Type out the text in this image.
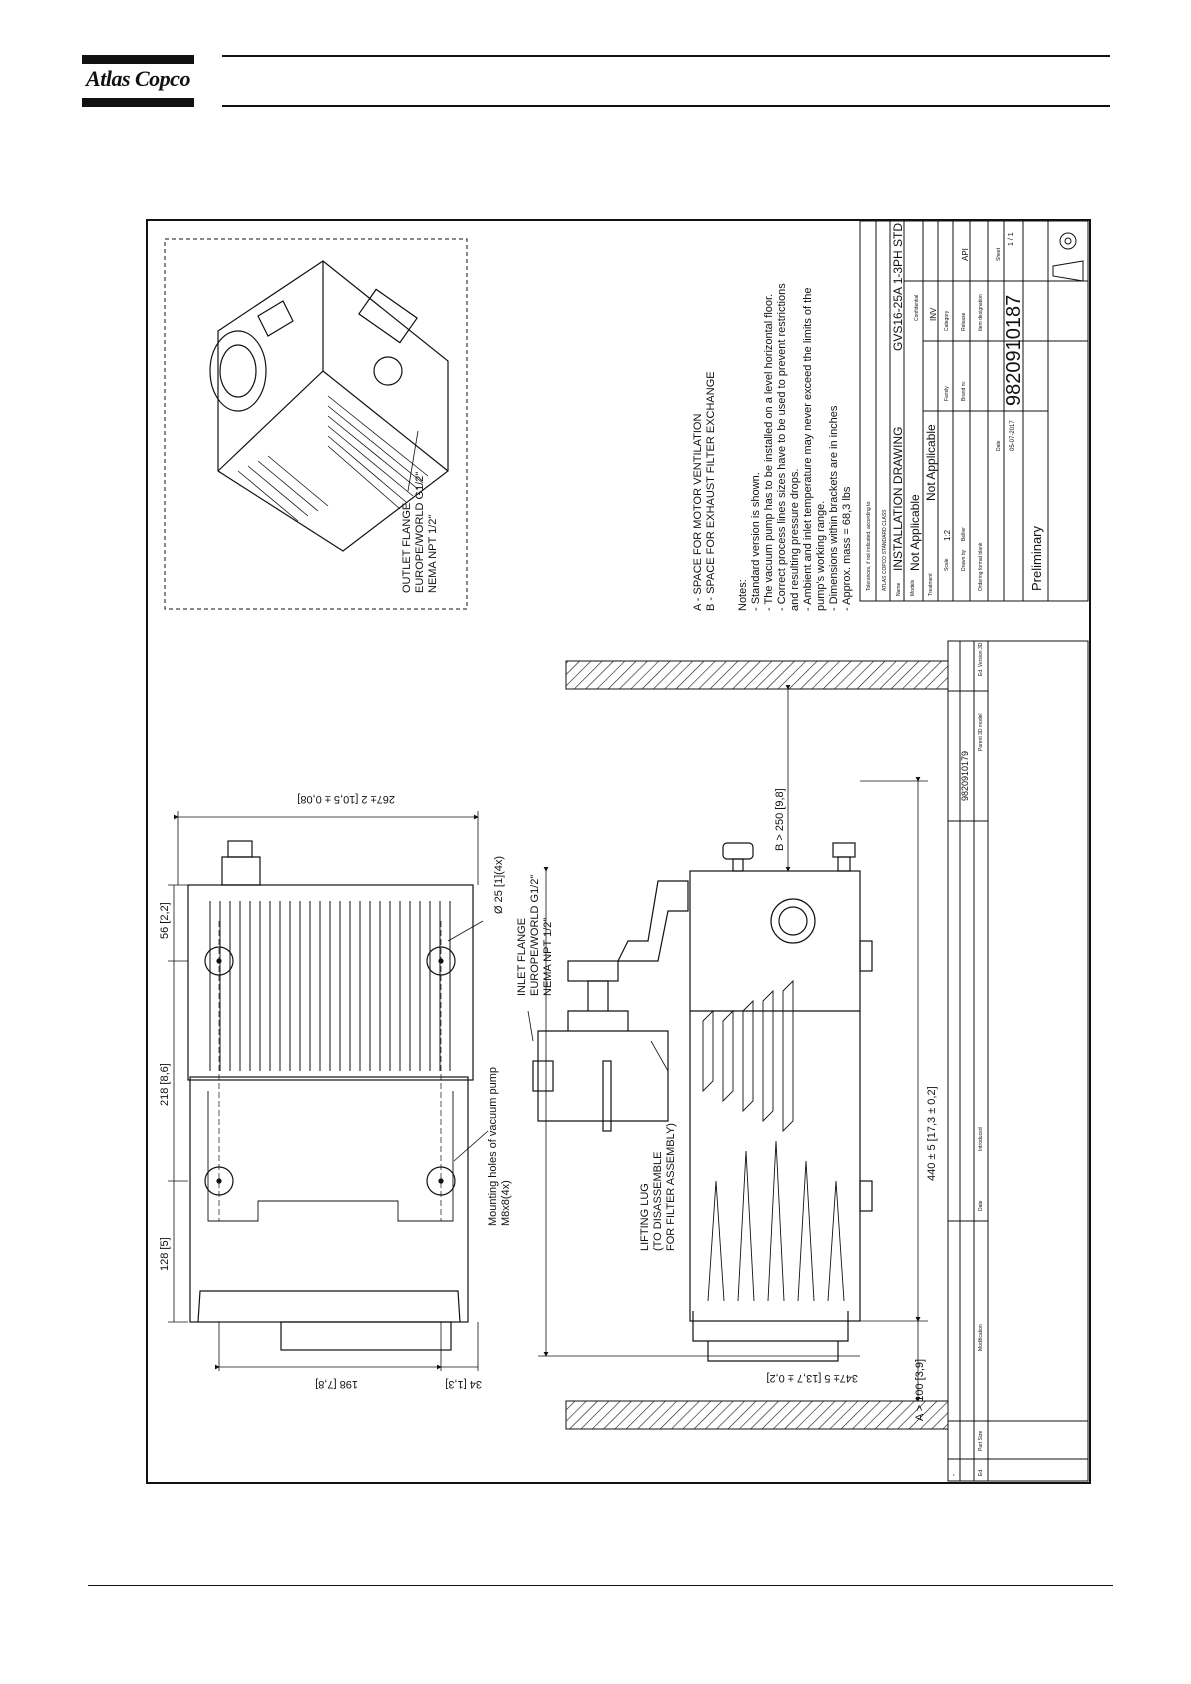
Atlas Copco
OUTLET FLANGE EUROPE/WORLD G1/2" NEMA NPT 1/2"	A - SPACE FOR MOTOR VENTILATION B - SPACE FOR EXHAUST FILTER EXCHANGE Notes: - Standard version is shown. - The vacuum pump has to be installed on a level horizontal floor. - Correct process lines sizes have to be used to prevent restrictions and resulting pressure drops. - Ambient and inlet temperature may never exceed the limits of the pump's working range. - Dimensions within brackets are in inches - Approx. mass = 68,3 lbs
267± 2 [10,5 ± 0,08]
56 [2,2]
218 [8,6]
128 [5]
198 [7,8]	34 [1,3]
Ø 25 [1](4x)
Mounting holes of vacuum pump M8x8(4x)
B > 250 [9,8]
A > 100 [3,9]
440 ± 5 [17,3 ± 0,2]
347± 5 [13,7 ± 0,2]
INLET FLANGE EUROPE/WORLD G1/2" NEMA NPT 1/2"
LIFTING LUG (TO DISASSEMBLE FOR FILTER ASSEMBLY)
Tolerances, if not indicated, according to: ATLAS COPCO STANDARD CLASS Name
INSTALLATION DRAWING
GVS16-25A 1-3PH STD
Models
Not Applicable
Treatment
Not Applicable
Scale
1:2
Family
Category
INV
Confidential
Brand nr.
Release
API
Drawn by
Bellier
Ordering format blank
Item designation 9820910187
Sheet
1 / 1
Date 05-07-2017
Preliminary
9820910179
Parent 3D model
Ed. Version 3D
Ed.
Part Size
Modification
Date
Introduced
-
